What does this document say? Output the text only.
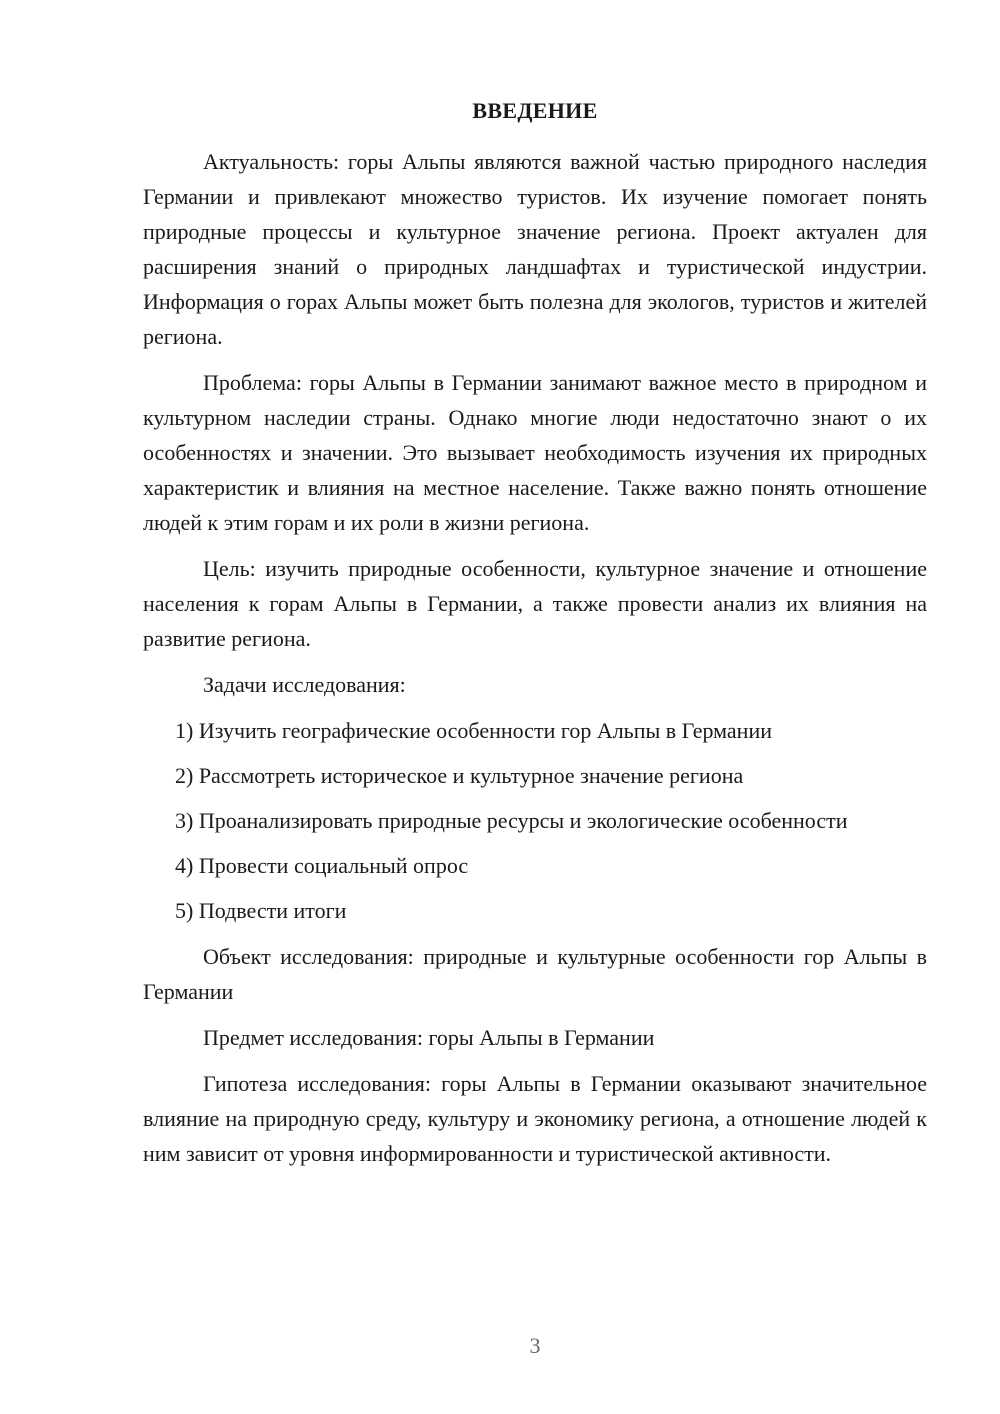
ВВЕДЕНИЕ

Актуальность: горы Альпы являются важной частью природного наследия Германии и привлекают множество туристов. Их изучение помогает понять природные процессы и культурное значение региона. Проект актуален для расширения знаний о природных ландшафтах и туристической индустрии. Информация о горах Альпы может быть полезна для экологов, туристов и жителей региона.

Проблема: горы Альпы в Германии занимают важное место в природном и культурном наследии страны. Однако многие люди недостаточно знают о их особенностях и значении. Это вызывает необходимость изучения их природных характеристик и влияния на местное население. Также важно понять отношение людей к этим горам и их роли в жизни региона.

Цель: изучить природные особенности, культурное значение и отношение населения к горам Альпы в Германии, а также провести анализ их влияния на развитие региона.

Задачи исследования:

1) Изучить географические особенности гор Альпы в Германии

2) Рассмотреть историческое и культурное значение региона

3) Проанализировать природные ресурсы и экологические особенности

4) Провести социальный опрос

5) Подвести итоги

Объект исследования: природные и культурные особенности гор Альпы в Германии

Предмет исследования: горы Альпы в Германии

Гипотеза исследования: горы Альпы в Германии оказывают значительное влияние на природную среду, культуру и экономику региона, а отношение людей к ним зависит от уровня информированности и туристической активности.

3
